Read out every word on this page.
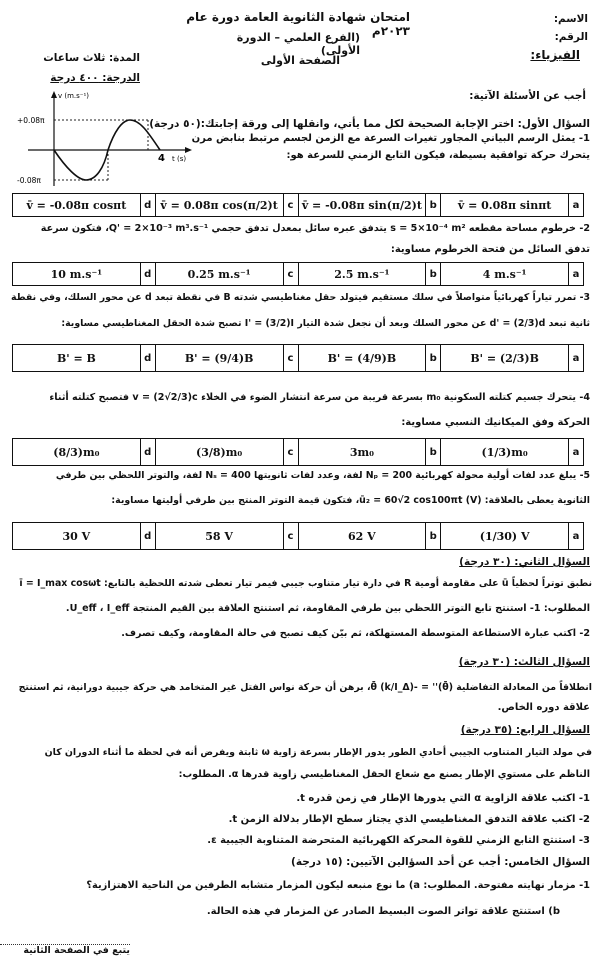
امتحان شهادة الثانوية العامة دورة عام ٢٠٢٣م
(الفرع العلمي – الدورة الأولى)
الصفحة الأولى	الفيزياء:
الاسم:
الرقم:
المدة: ثلاث ساعات
الدرجة: ٤٠٠ درجة
أجب عن الأسئلة الآتية:
السؤال الأول: اختر الإجابة الصحيحة لكل مما يأتي، وانقلها إلى ورقة إجابتك:(٥٠ درجة)
4 t (s)
v (m.s⁻¹)
+0.08π
-0.08π
1- يمثل الرسم البياني المجاور تغيرات السرعة مع الزمن لجسم مرتبط بنابض مرن
يتحرك حركة توافقية بسيطة، فيكون التابع الزمني للسرعة هو:
v̄ = -0.08π cosπt	d	v̄ = 0.08π cos(π/2)t	c	v̄ = -0.08π sin(π/2)t	b	v̄ = 0.08π sinπt	a
2- خرطوم مساحة مقطعه s = 5×10⁻⁴ m² يتدفق عبره سائل بمعدل تدفق حجمي Q' = 2×10⁻³ m³.s⁻¹، فتكون سرعة
تدفق السائل من فتحة الخرطوم مساوية:
10 m.s⁻¹	d	0.25 m.s⁻¹	c	2.5 m.s⁻¹	b	4 m.s⁻¹	a
3- تمرر تياراً كهربائياً متواصلاً في سلك مستقيم فيتولد حقل مغناطيسي شدته B في نقطة تبعد d عن محور السلك، وفي نقطة
ثانية تبعد d' = (2/3)d عن محور السلك وبعد أن نجعل شدة التيار I' = (3/2)I تصبح شدة الحقل المغناطيسي مساوية:
B' = B	d	B' = (9/4)B	c	B' = (4/9)B	b	B' = (2/3)B	a
4- يتحرك جسيم كتلته السكونية m₀ بسرعة قريبة من سرعة انتشار الضوء في الخلاء v = (2√2/3)c فتصبح كتلته أثناء
الحركة وفق الميكانيك النسبي مساوية:
(8/3)m₀	d	(3/8)m₀	c	3m₀	b	(1/3)m₀	a
5- يبلغ عدد لفات أولية محولة كهربائية Nₚ = 200 لفة، وعدد لفات ثانويتها Nₛ = 400 لفة، والتوتر اللحظي بين طرفي
الثانوية يعطى بالعلاقة: ū₂ = 60√2 cos100πt (V)، فتكون قيمة التوتر المنتج بين طرفي أوليتها مساوية:
30 V	d	58 V	c	62 V	b	(1/30) V	a
السؤال الثاني: (٣٠ درجة)
نطبق توتراً لحظياً ū على مقاومة أومية R في دارة تيار متناوب جيبي فيمر تيار تعطى شدته اللحظية بالتابع: ī = I_max cosωt
المطلوب: 1- استنتج تابع التوتر اللحظي بين طرفي المقاومة، ثم استنتج العلاقة بين القيم المنتجة U_eff ، I_eff.
2- اكتب عبارة الاستطاعة المتوسطة المستهلكة، ثم بيّن كيف تصبح في حالة المقاومة، وكيف تصرف.
السؤال الثالث: (٣٠ درجة)
انطلاقاً من المعادلة التفاضلية (θ̄)'' = -(k/I_Δ) θ̄، برهن أن حركة نواس الفتل غير المتخامد هي حركة جيبية دورانية، ثم استنتج
علاقة دوره الخاص.
السؤال الرابع: (٣٥ درجة)
في مولد التيار المتناوب الجيبي أحادي الطور يدور الإطار بسرعة زاوية ω ثابتة ويفرض أنه في لحظة ما أثناء الدوران كان
الناظم على مستوي الإطار يصنع مع شعاع الحقل المغناطيسي زاوية قدرها α. المطلوب:
1- اكتب علاقة الزاوية α التي يدورها الإطار في زمن قدره t.
2- اكتب علاقة التدفق المغناطيسي الذي يجتاز سطح الإطار بدلالة الزمن t.
3- استنتج التابع الزمني للقوة المحركة الكهربائية المتحرضة المتناوبة الجيبية ε.
السؤال الخامس: أجب عن أحد السؤالين الآتيين: (١٥ درجة)
1- مزمار نهايته مفتوحة. المطلوب: a) ما نوع منبعه ليكون المزمار متشابه الطرفين من الناحية الاهتزازية؟
b) استنتج علاقة تواتر الصوت البسيط الصادر عن المزمار في هذه الحالة.
يتبع في الصفحة الثانية
